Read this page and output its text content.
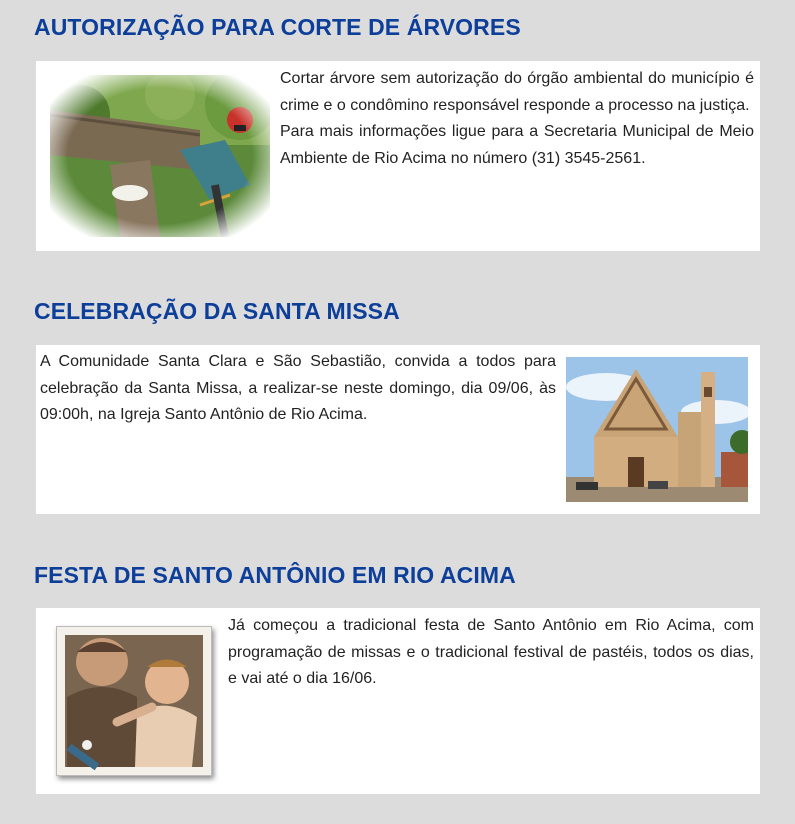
AUTORIZAÇÃO PARA CORTE DE ÁRVORES

Cortar árvore sem autorização do órgão ambiental do município é crime e o condômino responsável responde a processo na justiça.

Para mais informações ligue para a Secretaria Municipal de Meio Ambiente de Rio Acima no número (31) 3545-2561.

CELEBRAÇÃO DA SANTA MISSA

A Comunidade Santa Clara e São Sebastião, convida a todos para celebração da Santa Missa, a realizar-se neste domingo, dia 09/06, às 09:00h, na Igreja Santo Antônio de Rio Acima.

FESTA DE SANTO ANTÔNIO EM RIO ACIMA

Já começou a tradicional festa de Santo Antônio em Rio Acima, com programação de missas e o tradicional festival de pastéis, todos os dias, e vai até o dia 16/06.
